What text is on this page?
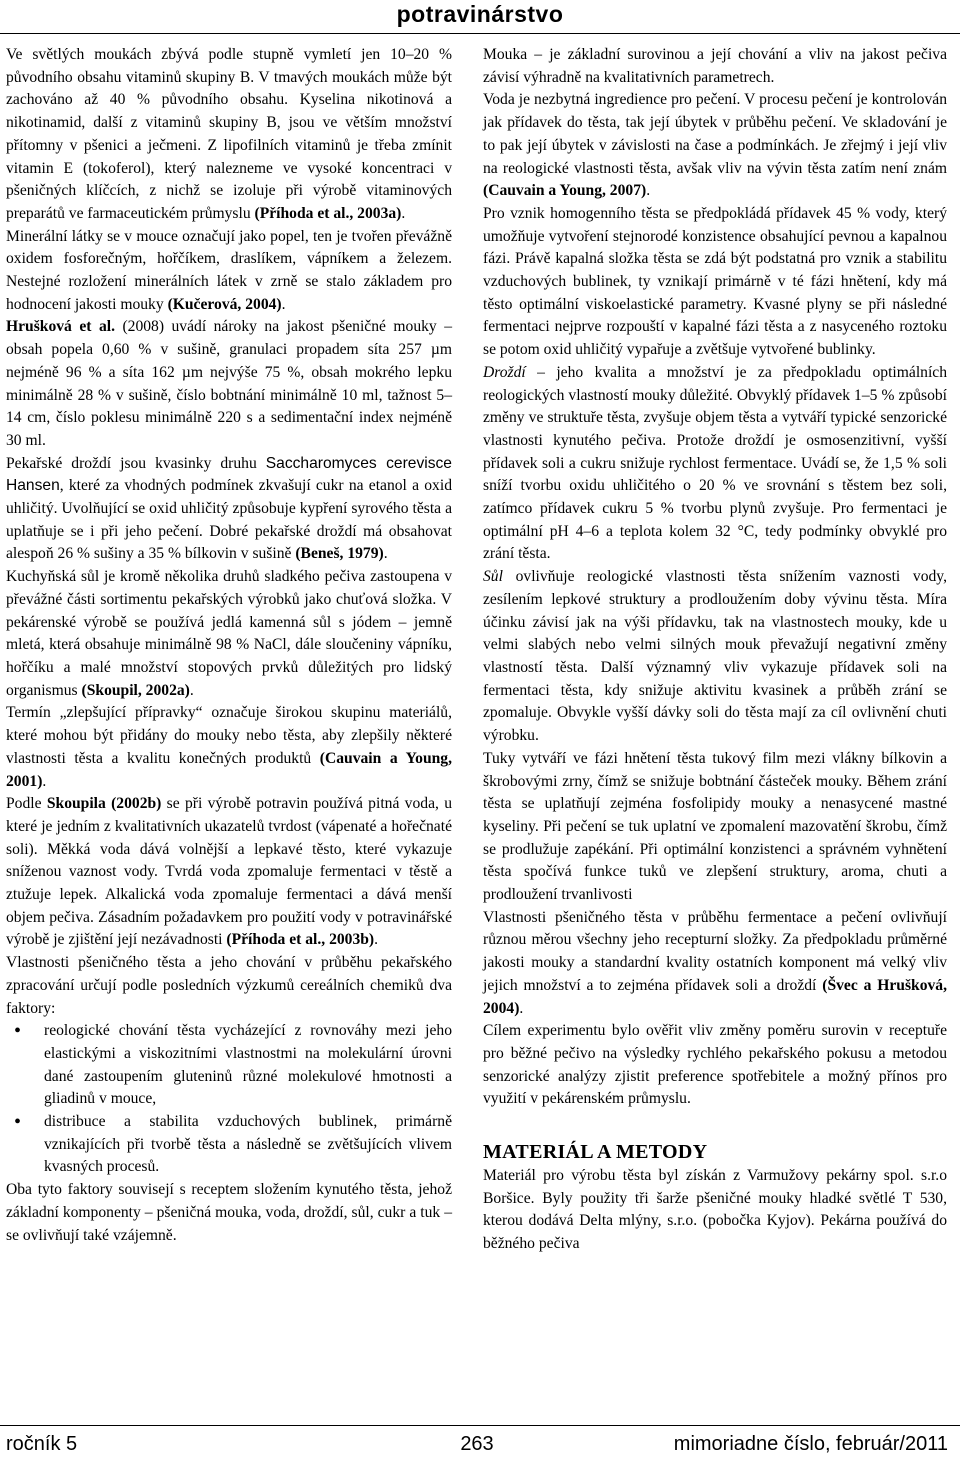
potravinárstvo

Ve světlých moukách zbývá podle stupně vymletí jen 10–20 % původního obsahu vitaminů skupiny B. V tmavých moukách může být zachováno až 40 % původního obsahu. Kyselina nikotinová a nikotinamid, další z vitaminů skupiny B, jsou ve větším množství přítomny v pšenici a ječmeni. Z lipofilních vitaminů je třeba zmínit vitamin E (tokoferol), který nalezneme ve vysoké koncentraci v pšeničných klíčcích, z nichž se izoluje při výrobě vitaminových preparátů ve farmaceutickém průmyslu (Příhoda et al., 2003a).

Minerální látky se v mouce označují jako popel, ten je tvořen převážně oxidem fosforečným, hořčíkem, draslíkem, vápníkem a železem. Nestejné rozložení minerálních látek v zrně se stalo základem pro hodnocení jakosti mouky (Kučerová, 2004).

Hrušková et al. (2008) uvádí nároky na jakost pšeničné mouky – obsah popela 0,60 % v sušině, granulaci propadem síta 257 µm nejméně 96 % a síta 162 µm nejvýše 75 %, obsah mokrého lepku minimálně 28 % v sušině, číslo bobtnání minimálně 10 ml, tažnost 5–14 cm, číslo poklesu minimálně 220 s a sedimentační index nejméně 30 ml.

Pekařské droždí jsou kvasinky druhu Saccharomyces cerevisce Hansen, které za vhodných podmínek zkvašují cukr na etanol a oxid uhličitý. Uvolňující se oxid uhličitý způsobuje kypření syrového těsta a uplatňuje se i při jeho pečení. Dobré pekařské droždí má obsahovat alespoň 26 % sušiny a 35 % bílkovin v sušině (Beneš, 1979).

Kuchyňská sůl je kromě několika druhů sladkého pečiva zastoupena v převážné části sortimentu pekařských výrobků jako chuťová složka. V pekárenské výrobě se používá jedlá kamenná sůl s jódem – jemně mletá, která obsahuje minimálně 98 % NaCl, dále sloučeniny vápníku, hořčíku a malé množství stopových prvků důležitých pro lidský organismus (Skoupil, 2002a).

Termín „zlepšující přípravky“ označuje širokou skupinu materiálů, které mohou být přidány do mouky nebo těsta, aby zlepšily některé vlastnosti těsta a kvalitu konečných produktů (Cauvain a Young, 2001).

Podle Skoupila (2002b) se při výrobě potravin používá pitná voda, u které je jedním z kvalitativních ukazatelů tvrdost (vápenaté a hořečnaté soli). Měkká voda dává volnější a lepkavé těsto, které vykazuje sníženou vaznost vody. Tvrdá voda zpomaluje fermentaci v těstě a ztužuje lepek. Alkalická voda zpomaluje fermentaci a dává menší objem pečiva. Zásadním požadavkem pro použití vody v potravinářské výrobě je zjištění její nezávadnosti (Příhoda et al., 2003b).

Vlastnosti pšeničného těsta a jeho chování v průběhu pekařského zpracování určují podle posledních výzkumů cereálních chemiků dva faktory:

• reologické chování těsta vycházející z rovnováhy mezi jeho elastickými a viskozitními vlastnostmi na molekulární úrovni dané zastoupením gluteninů různé molekulové hmotnosti a gliadinů v mouce,
• distribuce a stabilita vzduchových bublinek, primárně vznikajících při tvorbě těsta a následně se zvětšujících vlivem kvasných procesů.

Oba tyto faktory souvisejí s receptem složením kynutého těsta, jehož základní komponenty – pšeničná mouka, voda, droždí, sůl, cukr a tuk – se ovlivňují také vzájemně.

Mouka – je základní surovinou a její chování a vliv na jakost pečiva závisí výhradně na kvalitativních parametrech.

Voda je nezbytná ingredience pro pečení. V procesu pečení je kontrolován jak přídavek do těsta, tak její úbytek v průběhu pečení. Ve skladování je to pak její úbytek v závislosti na čase a podmínkách. Je zřejmý i její vliv na reologické vlastnosti těsta, avšak vliv na vývin těsta zatím není znám (Cauvain a Young, 2007).

Pro vznik homogenního těsta se předpokládá přídavek 45 % vody, který umožňuje vytvoření stejnorodé konzistence obsahující pevnou a kapalnou fázi. Právě kapalná složka těsta se zdá být podstatná pro vznik a stabilitu vzduchových bublinek, ty vznikají primárně v té fázi hnětení, kdy má těsto optimální viskoelastické parametry. Kvasné plyny se při následné fermentaci nejprve rozpouští v kapalné fázi těsta a z nasyceného roztoku se potom oxid uhličitý vypařuje a zvětšuje vytvořené bublinky.

Droždí – jeho kvalita a množství je za předpokladu optimálních reologických vlastností mouky důležité. Obvyklý přídavek 1–5 % způsobí změny ve struktuře těsta, zvyšuje objem těsta a vytváří typické senzorické vlastnosti kynutého pečiva. Protože droždí je osmosenzitivní, vyšší přídavek soli a cukru snižuje rychlost fermentace. Uvádí se, že 1,5 % soli sníží tvorbu oxidu uhličitého o 20 % ve srovnání s těstem bez soli, zatímco přídavek cukru 5 % tvorbu plynů zvyšuje. Pro fermentaci je optimální pH 4–6 a teplota kolem 32 °C, tedy podmínky obvyklé pro zrání těsta.

Sůl ovlivňuje reologické vlastnosti těsta snížením vaznosti vody, zesílením lepkové struktury a prodloužením doby vývinu těsta. Míra účinku závisí jak na výši přídavku, tak na vlastnostech mouky, kde u velmi slabých nebo velmi silných mouk převažují negativní změny vlastností těsta. Další významný vliv vykazuje přídavek soli na fermentaci těsta, kdy snižuje aktivitu kvasinek a průběh zrání se zpomaluje. Obvykle vyšší dávky soli do těsta mají za cíl ovlivnění chuti výrobku.

Tuky vytváří ve fázi hnětení těsta tukový film mezi vlákny bílkovin a škrobovými zrny, čímž se snižuje bobtnání částeček mouky. Během zrání těsta se uplatňují zejména fosfolipidy mouky a nenasycené mastné kyseliny. Při pečení se tuk uplatní ve zpomalení mazovatění škrobu, čímž se prodlužuje zapékání. Při optimální konzistenci a správném vyhnětení těsta spočívá funkce tuků ve zlepšení struktury, aroma, chuti a prodloužení trvanlivosti

Vlastnosti pšeničného těsta v průběhu fermentace a pečení ovlivňují různou měrou všechny jeho recepturní složky. Za předpokladu průměrné jakosti mouky a standardní kvality ostatních komponent má velký vliv jejich množství a to zejména přídavek soli a droždí (Švec a Hrušková, 2004).

Cílem experimentu bylo ověřit vliv změny poměru surovin v receptuře pro běžné pečivo na výsledky rychlého pekařského pokusu a metodou senzorické analýzy zjistit preference spotřebitele a možný přínos pro využití v pekárenském průmyslu.

MATERIÁL A METODY

Materiál pro výrobu těsta byl získán z Varmužovy pekárny spol. s.r.o Boršice. Byly použity tři šarže pšeničné mouky hladké světlé T 530, kterou dodává Delta mlýny, s.r.o. (pobočka Kyjov). Pekárna používá do běžného pečiva

ročník 5	263	mimoriadne číslo, február/2011
